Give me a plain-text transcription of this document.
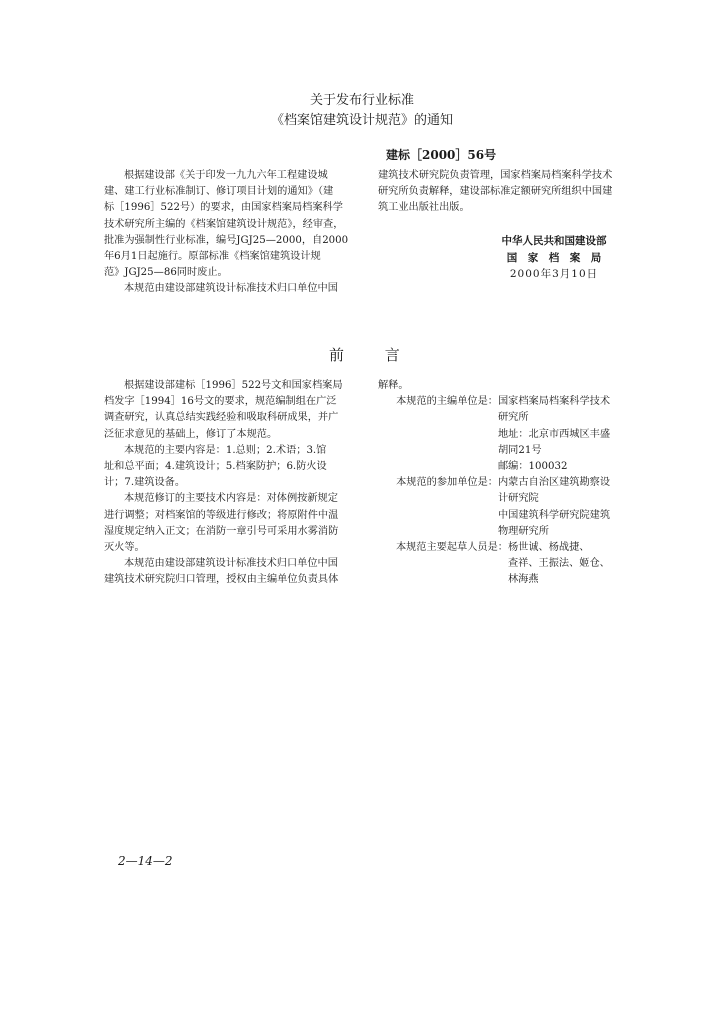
关于发布行业标准
《档案馆建筑设计规范》的通知
建标［2000］56号

根据建设部《关于印发一九九六年工程建设城

建、建工行业标准制订、修订项目计划的通知》（建

标［1996］522号）的要求，由国家档案局档案科学

技术研究所主编的《档案馆建筑设计规范》，经审查，

批准为强制性行业标准，编号JGJ25—2000，自2000

年6月1日起施行。原部标准《档案馆建筑设计规

范》JGJ25—86同时废止。

本规范由建设部建筑设计标准技术归口单位中国

建筑技术研究院负责管理，国家档案局档案科学技术

研究所负责解释，建设部标准定额研究所组织中国建

筑工业出版社出版。

中华人民共和国建设部
国　家　档　案　局
2000年3月10日
前	言

根据建设部建标［1996］522号文和国家档案局

档发字［1994］16号文的要求，规范编制组在广泛

调查研究，认真总结实践经验和吸取科研成果，并广

泛征求意见的基础上，修订了本规范。

本规范的主要内容是：1.总则；2.术语；3.馆

址和总平面；4.建筑设计；5.档案防护；6.防火设

计；7.建筑设备。

本规范修订的主要技术内容是：对体例按新规定

进行调整；对档案馆的等级进行修改；将原附件中温

湿度规定纳入正文；在消防一章引号可采用水雾消防

灭火等。

本规范由建设部建筑设计标准技术归口单位中国

建筑技术研究院归口管理，授权由主编单位负责具体

解释。

本规范的主编单位是： 国家档案局档案科学技术
研究所
地址：北京市西城区丰盛
胡同21号
邮编：100032
本规范的参加单位是： 内蒙古自治区建筑勘察设
计研究院
中国建筑科学研究院建筑
物理研究所
本规范主要起草人员是： 杨世诚、杨战捷、
查祥、王振法、姬仓、
林海燕
2—14—2
